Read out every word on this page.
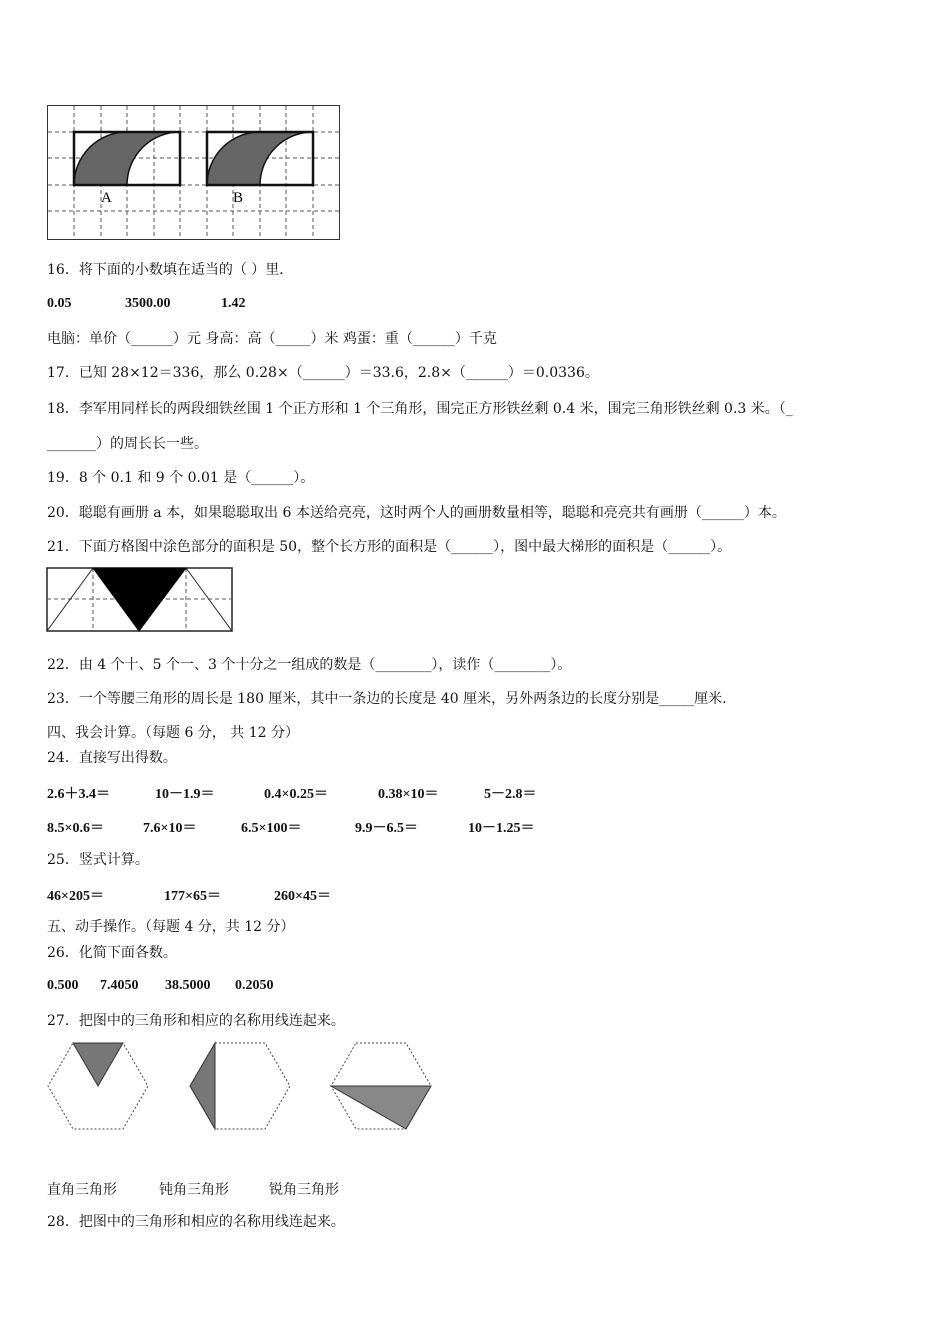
A	B
16．将下面的小数填在适当的（ ）里．
0.05	3500.00	1.42
电脑：单价（______）元 身高：高（_____）米 鸡蛋：重（______）千克
17．已知 28×12＝336，那么 0.28×（______）＝33.6，2.8×（______）＝0.0336。
18．李军用同样长的两段细铁丝围 1 个正方形和 1 个三角形，围完正方形铁丝剩 0.4 米，围完三角形铁丝剩 0.3 米。（_
_______）的周长长一些。
19．8 个 0.1 和 9 个 0.01 是（______）。
20．聪聪有画册 a 本，如果聪聪取出 6 本送给亮亮，这时两个人的画册数量相等，聪聪和亮亮共有画册（______）本。
21．下面方格图中涂色部分的面积是 50，整个长方形的面积是（______），图中最大梯形的面积是（______）。
22．由 4 个十、5 个一、3 个十分之一组成的数是（________），读作（________）。
23．一个等腰三角形的周长是 180 厘米，其中一条边的长度是 40 厘米，另外两条边的长度分别是_____厘米.
四、我会计算。（每题 6 分， 共 12 分）
24．直接写出得数。
2.6＋3.4＝	10－1.9＝	0.4×0.25＝	0.38×10＝	5－2.8＝
8.5×0.6＝	7.6×10＝	6.5×100＝	9.9－6.5＝	10－1.25＝
25．竖式计算。
46×205＝	177×65＝	260×45＝
五、动手操作。（每题 4 分，共 12 分）
26．化简下面各数。
0.500 7.4050 38.5000 0.2050
27．把图中的三角形和相应的名称用线连起来。
直角三角形	钝角三角形	锐角三角形
28．把图中的三角形和相应的名称用线连起来。
